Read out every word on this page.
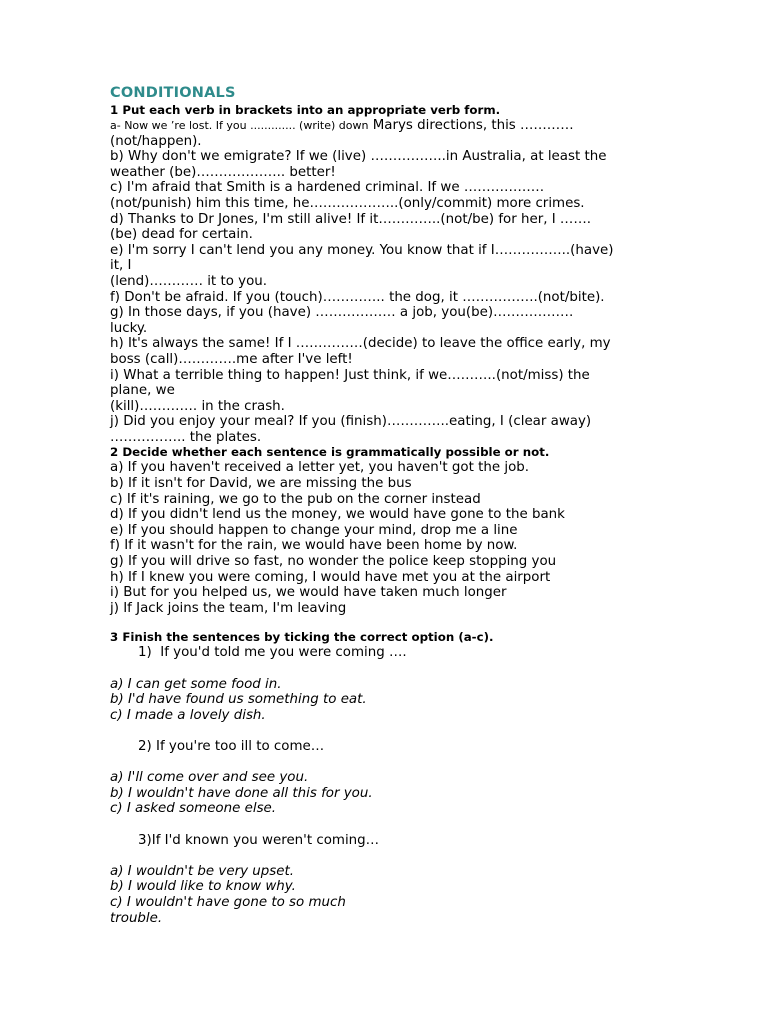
CONDITIONALS
1 Put each verb in brackets into an appropriate verb form.
a- Now we ’re lost. If you ............. (write) down Marys directions, this …………
(not/happen).
b) Why don't we emigrate? If we (live) ……………..in Australia, at least the
weather (be)……………….. better!
c) I'm afraid that Smith is a hardened criminal. If we ………………
(not/punish) him this time, he………………..(only/commit) more crimes.
d) Thanks to Dr Jones, I'm still alive! If it…………..(not/be) for her, I …….
(be) dead for certain.
e) I'm sorry I can't lend you any money. You know that if I……………..(have)
it, I
(lend)………… it to you.
f) Don't be afraid. If you (touch)………….. the dog, it ……………..(not/bite).
g) In those days, if you (have) ……………… a job, you(be)………………
lucky.
h) It's always the same! If I ……………(decide) to leave the office early, my
boss (call)………….me after I've left!
i) What a terrible thing to happen! Just think, if we………..(not/miss) the
plane, we
(kill)…………. in the crash.
j) Did you enjoy your meal? If you (finish)…………..eating, I (clear away)
…………….. the plates.
2 Decide whether each sentence is grammatically possible or not.
a) If you haven't received a letter yet, you haven't got the job.
b) If it isn't for David, we are missing the bus
c) If it's raining, we go to the pub on the corner instead
d) If you didn't lend us the money, we would have gone to the bank
e) If you should happen to change your mind, drop me a line
f) If it wasn't for the rain, we would have been home by now.
g) If you will drive so fast, no wonder the police keep stopping you
h) If I knew you were coming, I would have met you at the airport
i) But for you helped us, we would have taken much longer
j) If Jack joins the team, I'm leaving
3 Finish the sentences by ticking the correct option (a-c).
1)  If you'd told me you were coming ….
a) I can get some food in.
b) I'd have found us something to eat.
c) I made a lovely dish.
2) If you're too ill to come…
a) I'll come over and see you.
b) I wouldn't have done all this for you.
c) I asked someone else.
3)If I'd known you weren't coming…
a) I wouldn't be very upset.
b) I would like to know why.
c) I wouldn't have gone to so much
trouble.
